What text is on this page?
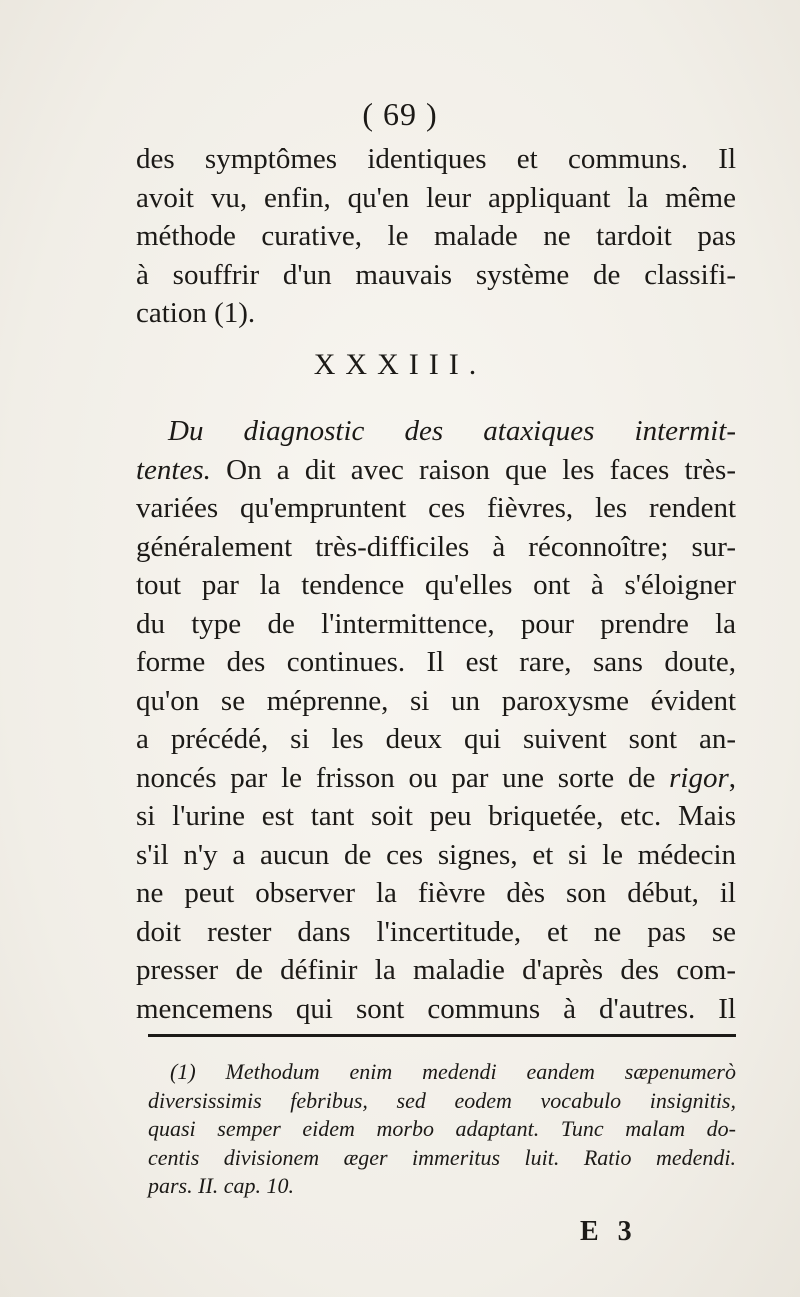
( 69 )
des symptômes identiques et communs. Il
avoit vu, enfin, qu'en leur appliquant la même
méthode curative, le malade ne tardoit pas
à souffrir d'un mauvais système de classifi-
cation (1).
XXXIII.
Du diagnostic des ataxiques intermit-
tentes. On a dit avec raison que les faces très-
variées qu'empruntent ces fièvres, les rendent
généralement très-difficiles à réconnoître; sur-
tout par la tendence qu'elles ont à s'éloigner
du type de l'intermittence, pour prendre la
forme des continues. Il est rare, sans doute,
qu'on se méprenne, si un paroxysme évident
a précédé, si les deux qui suivent sont an-
noncés par le frisson ou par une sorte de rigor,
si l'urine est tant soit peu briquetée, etc. Mais
s'il n'y a aucun de ces signes, et si le médecin
ne peut observer la fièvre dès son début, il
doit rester dans l'incertitude, et ne pas se
presser de définir la maladie d'après des com-
mencemens qui sont communs à d'autres. Il
(1) Methodum enim medendi eandem sæpenumerò
diversissimis febribus, sed eodem vocabulo insignitis,
quasi semper eidem morbo adaptant. Tunc malam do-
centis divisionem æger immeritus luit. Ratio medendi.
pars. II. cap. 10.
E 3
